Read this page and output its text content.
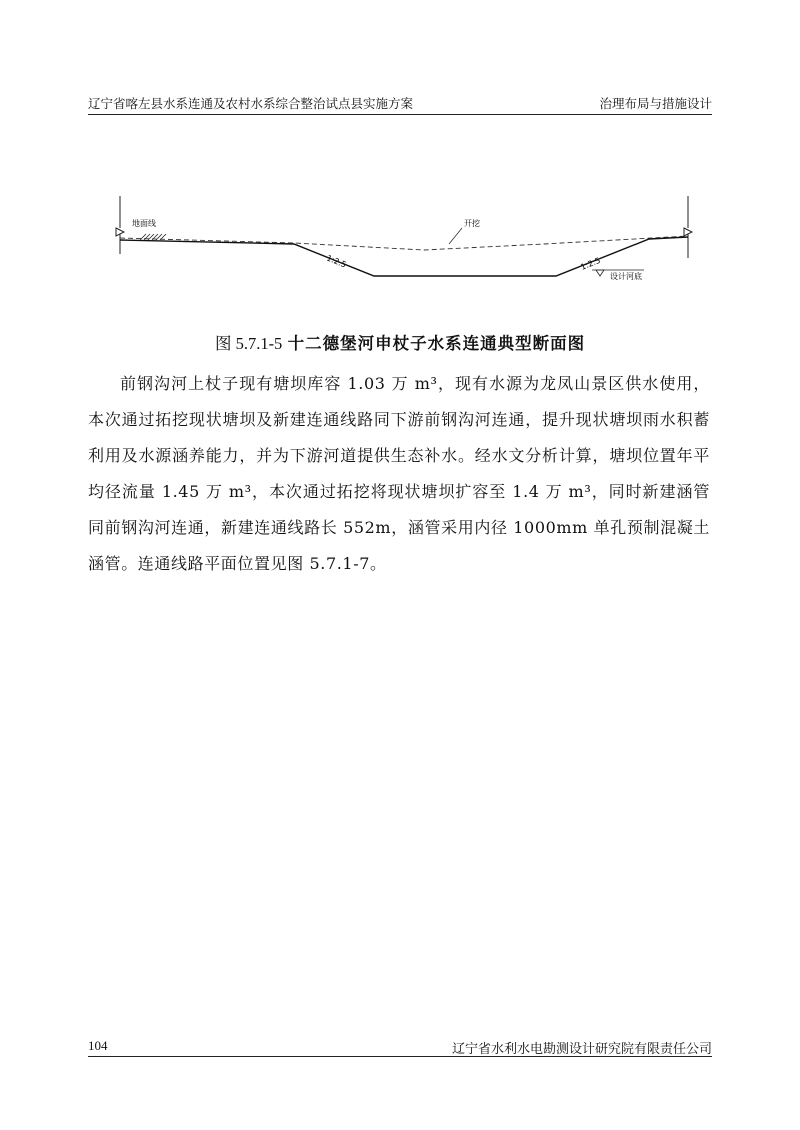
辽宁省喀左县水系连通及农村水系综合整治试点县实施方案	治理布局与措施设计
地面线	开挖
1:2.5	1:2.5
设计河底
图 5.7.1-5 十二德堡河申杖子水系连通典型断面图
前钢沟河上杖子现有塘坝库容 1.03 万 m³，现有水源为龙凤山景区供水使用，本次通过拓挖现状塘坝及新建连通线路同下游前钢沟河连通，提升现状塘坝雨水积蓄利用及水源涵养能力，并为下游河道提供生态补水。经水文分析计算，塘坝位置年平均径流量 1.45 万 m³，本次通过拓挖将现状塘坝扩容至 1.4 万 m³，同时新建涵管同前钢沟河连通，新建连通线路长 552m，涵管采用内径 1000mm 单孔预制混凝土涵管。连通线路平面位置见图 5.7.1-7。
104	辽宁省水利水电勘测设计研究院有限责任公司
